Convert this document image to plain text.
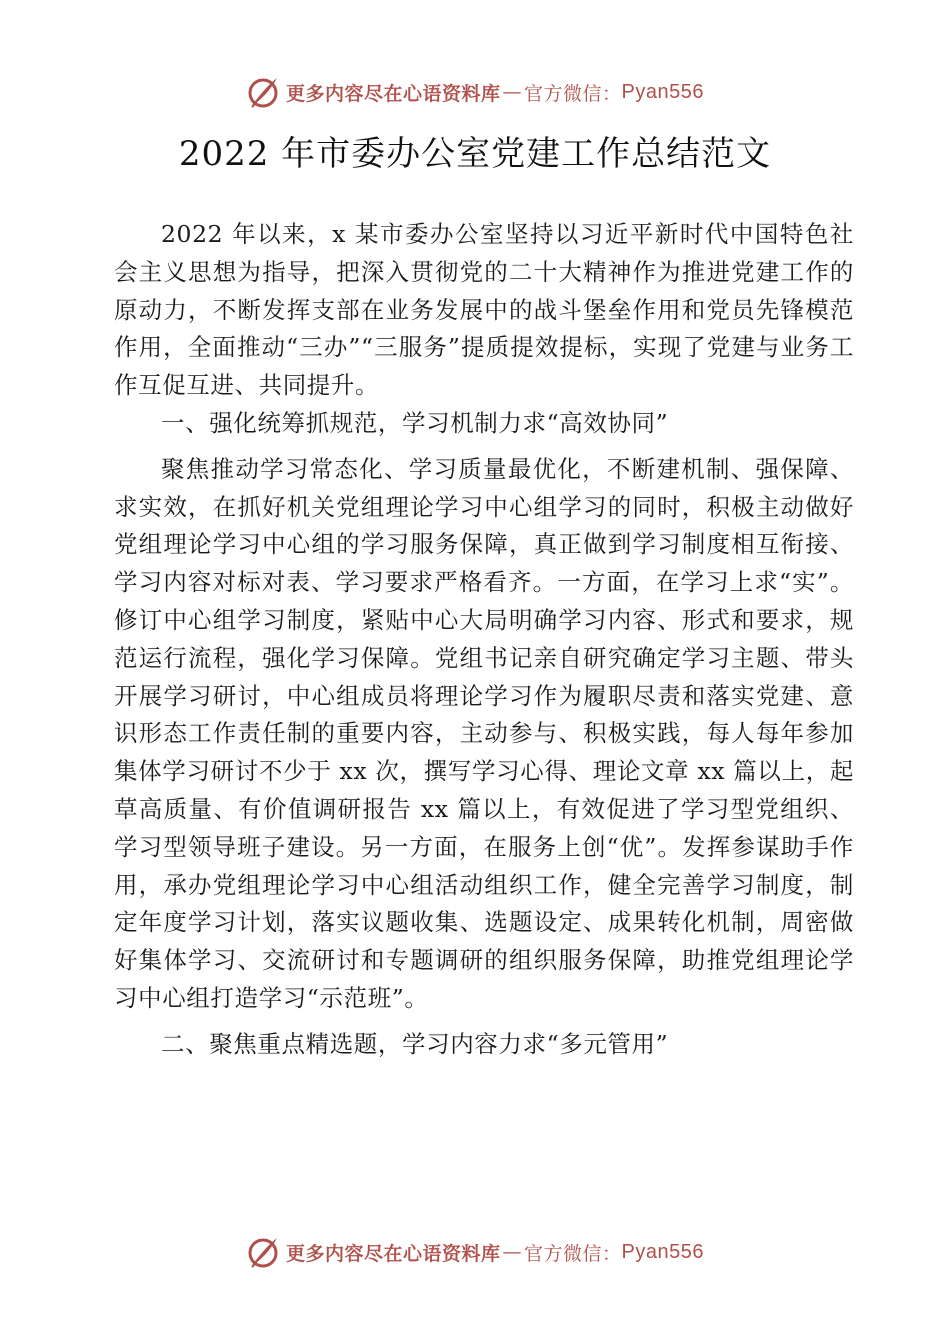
更多内容尽在心语资料库 — 官方微信： Pyan556
2022 年市委办公室党建工作总结范文

2022 年以来，x 某市委办公室坚持以习近平新时代中国特色社会主义思想为指导，把深入贯彻党的二十大精神作为推进党建工作的原动力，不断发挥支部在业务发展中的战斗堡垒作用和党员先锋模范作用，全面推动“三办”“三服务”提质提效提标，实现了党建与业务工作互促互进、共同提升。

一、强化统筹抓规范，学习机制力求“高效协同”

聚焦推动学习常态化、学习质量最优化，不断建机制、强保障、求实效，在抓好机关党组理论学习中心组学习的同时，积极主动做好党组理论学习中心组的学习服务保障，真正做到学习制度相互衔接、学习内容对标对表、学习要求严格看齐。一方面，在学习上求“实”。修订中心组学习制度，紧贴中心大局明确学习内容、形式和要求，规范运行流程，强化学习保障。党组书记亲自研究确定学习主题、带头开展学习研讨，中心组成员将理论学习作为履职尽责和落实党建、意识形态工作责任制的重要内容，主动参与、积极实践，每人每年参加集体学习研讨不少于 xx 次，撰写学习心得、理论文章 xx 篇以上，起草高质量、有价值调研报告 xx 篇以上，有效促进了学习型党组织、学习型领导班子建设。另一方面，在服务上创“优”。发挥参谋助手作用，承办党组理论学习中心组活动组织工作，健全完善学习制度，制定年度学习计划，落实议题收集、选题设定、成果转化机制，周密做好集体学习、交流研讨和专题调研的组织服务保障，助推党组理论学习中心组打造学习“示范班”。

二、聚焦重点精选题，学习内容力求“多元管用”

更多内容尽在心语资料库 — 官方微信： Pyan556
